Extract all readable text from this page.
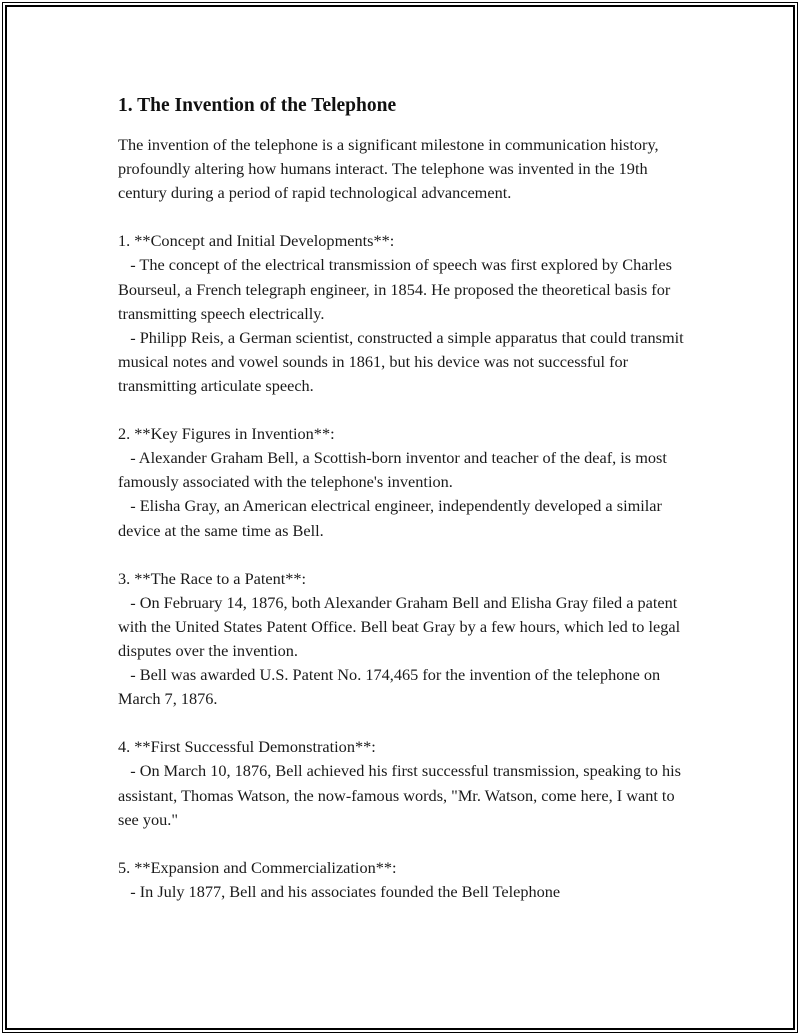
1. The Invention of the Telephone

The invention of the telephone is a significant milestone in communication history, profoundly altering how humans interact. The telephone was invented in the 19th century during a period of rapid technological advancement.

1. **Concept and Initial Developments**:
- The concept of the electrical transmission of speech was first explored by Charles Bourseul, a French telegraph engineer, in 1854. He proposed the theoretical basis for transmitting speech electrically.
- Philipp Reis, a German scientist, constructed a simple apparatus that could transmit musical notes and vowel sounds in 1861, but his device was not successful for transmitting articulate speech.

2. **Key Figures in Invention**:
- Alexander Graham Bell, a Scottish-born inventor and teacher of the deaf, is most famously associated with the telephone's invention.
- Elisha Gray, an American electrical engineer, independently developed a similar device at the same time as Bell.

3. **The Race to a Patent**:
- On February 14, 1876, both Alexander Graham Bell and Elisha Gray filed a patent with the United States Patent Office. Bell beat Gray by a few hours, which led to legal disputes over the invention.
- Bell was awarded U.S. Patent No. 174,465 for the invention of the telephone on March 7, 1876.

4. **First Successful Demonstration**:
- On March 10, 1876, Bell achieved his first successful transmission, speaking to his assistant, Thomas Watson, the now-famous words, "Mr. Watson, come here, I want to see you."

5. **Expansion and Commercialization**:
- In July 1877, Bell and his associates founded the Bell Telephone
